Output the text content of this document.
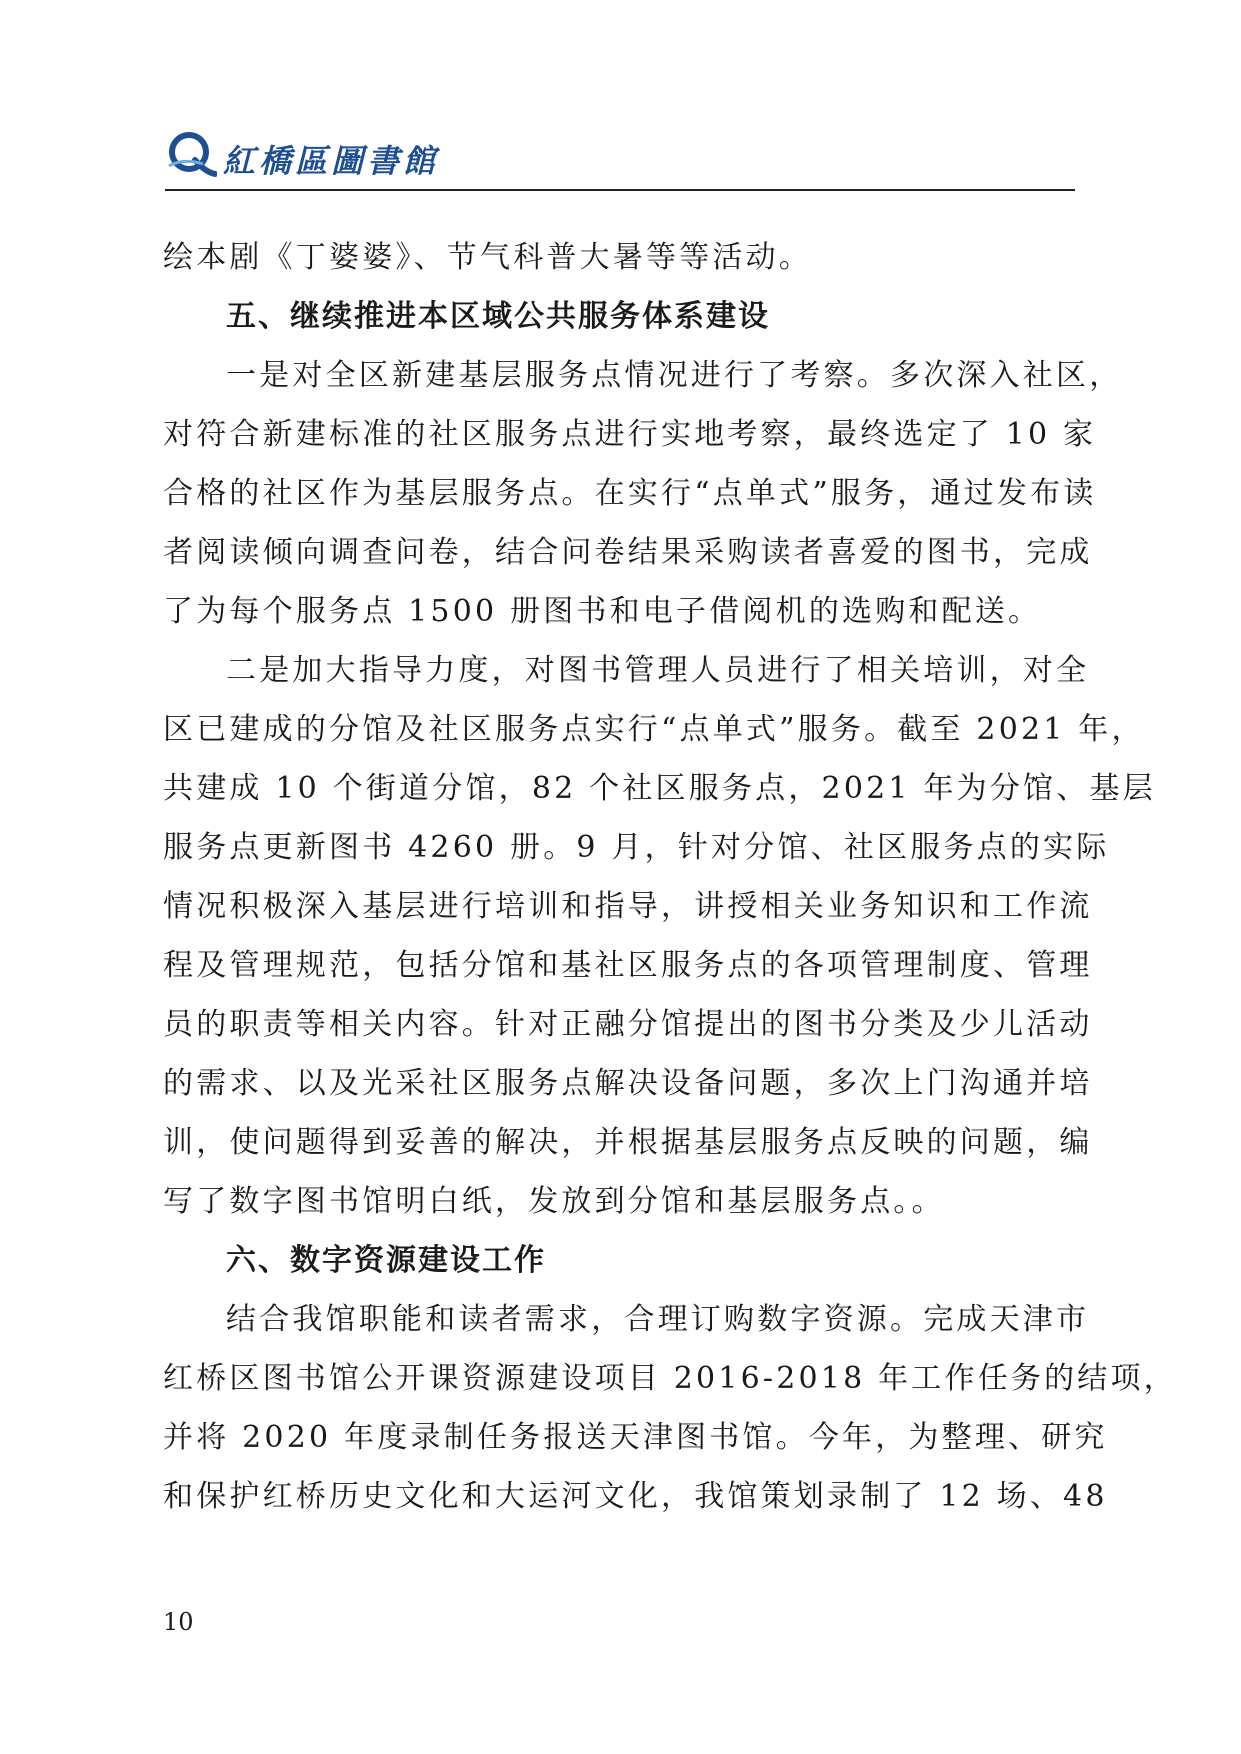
紅橋區圖書館
绘本剧《丁婆婆》、节气科普大暑等等活动。
五、继续推进本区域公共服务体系建设
一是对全区新建基层服务点情况进行了考察。多次深入社区，
对符合新建标准的社区服务点进行实地考察，最终选定了 10 家
合格的社区作为基层服务点。在实行“点单式”服务，通过发布读
者阅读倾向调查问卷，结合问卷结果采购读者喜爱的图书，完成
了为每个服务点 1500 册图书和电子借阅机的选购和配送。
二是加大指导力度，对图书管理人员进行了相关培训，对全
区已建成的分馆及社区服务点实行“点单式”服务。截至 2021 年，
共建成 10 个街道分馆，82 个社区服务点，2021 年为分馆、基层
服务点更新图书 4260 册。9 月，针对分馆、社区服务点的实际
情况积极深入基层进行培训和指导，讲授相关业务知识和工作流
程及管理规范，包括分馆和基社区服务点的各项管理制度、管理
员的职责等相关内容。针对正融分馆提出的图书分类及少儿活动
的需求、以及光采社区服务点解决设备问题，多次上门沟通并培
训，使问题得到妥善的解决，并根据基层服务点反映的问题，编
写了数字图书馆明白纸，发放到分馆和基层服务点。。
六、数字资源建设工作
结合我馆职能和读者需求，合理订购数字资源。完成天津市
红桥区图书馆公开课资源建设项目 2016-2018 年工作任务的结项，
并将 2020 年度录制任务报送天津图书馆。今年，为整理、研究
和保护红桥历史文化和大运河文化，我馆策划录制了 12 场、48
10
